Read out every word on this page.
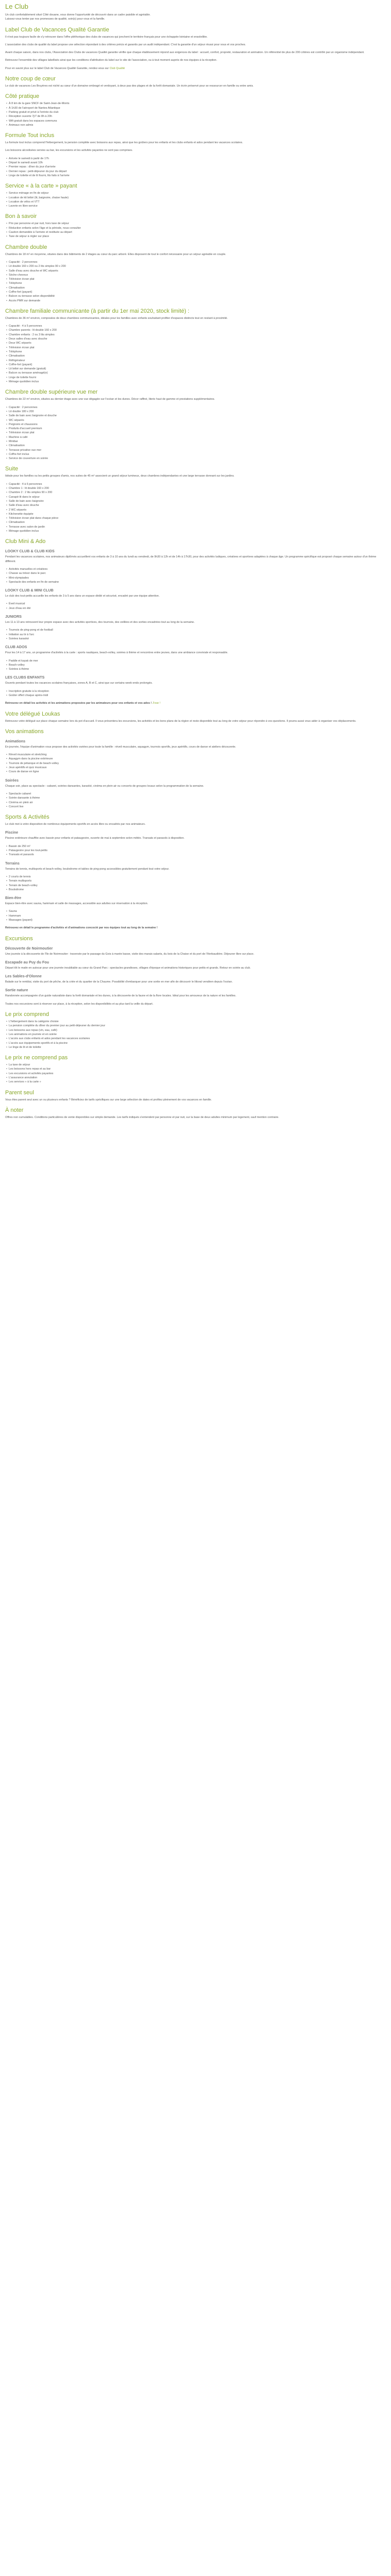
Le Club

Un club confortablement situé Côté douane, vous donne l'opportunité de découvrir dans un cadre paisible et agréable.
Laissez-vous tenter par nos promesses de qualité, soin(s) pour vous et la famille.

Label Club de Vacances Qualité Garantie

Il n'est pas toujours facile de s'y retrouver dans l'offre pléthorique des clubs de vacances qui jonchent le territoire français pour une échappée lointaine et ensoleillée.

L'association des clubs de qualité du label propose une sélection répondant à des critères précis et garantis par un audit indépendant. C'est la garantie d'un séjour réussi pour vous et vos proches.

Avant chaque saison, dans nos clubs, l'Association des Clubs de vacances Qualité garantie vérifie que chaque établissement répond aux exigences du label : accueil, confort, propreté, restauration et animation. Un référentiel de plus de 200 critères est contrôlé par un organisme indépendant.

Retrouvez l'ensemble des villages labellisés ainsi que les conditions d'attribution du label sur le site de l'association, ou à tout moment auprès de nos équipes à la réception.

Pour en savoir plus sur le label Club de Vacances Qualité Garantie, rendez-vous sur Club Qualité

Notre coup de cœur

Le club de vacances Les Bruyères est niché au cœur d'un domaine ombragé et verdoyant, à deux pas des plages et de la forêt domaniale. Un écrin préservé pour se ressourcer en famille ou entre amis.

Côté pratique
• À 8 km de la gare SNCF de Saint-Jean-de-Monts
• À 1h30 de l'aéroport de Nantes Atlantique
• Parking gratuit et privé à l'entrée du club
• Réception ouverte 7j/7 de 8h à 20h
• Wifi gratuit dans les espaces communs
• Animaux non admis
Formule Tout inclus

La formule tout inclus comprend l'hébergement, la pension complète avec boissons aux repas, ainsi que les goûters pour les enfants et les clubs enfants et ados pendant les vacances scolaires.

Les boissons alcoolisées servies au bar, les excursions et les activités payantes ne sont pas comprises.

• Arrivée le samedi à partir de 17h
• Départ le samedi avant 10h
• Premier repas : dîner du jour d'arrivée
• Dernier repas : petit-déjeuner du jour du départ
• Linge de toilette et de lit fourni, lits faits à l'arrivée
Service « à la carte » payant
• Service ménage en fin de séjour
• Location de kit bébé (lit, baignoire, chaise haute)
• Location de vélos et VTT
• Laverie en libre-service
Bon à savoir
• Prix par personne et par nuit, hors taxe de séjour
• Réduction enfants selon l'âge et la période, nous consulter
• Caution demandée à l'arrivée et restituée au départ
• Taxe de séjour à régler sur place
Chambre double

Chambres de 18 m² en moyenne, situées dans des bâtiments de 2 étages au cœur du parc arboré. Elles disposent de tout le confort nécessaire pour un séjour agréable en couple.

• Capacité : 2 personnes
• Lit double 160 x 200 ou 2 lits simples 90 x 200
• Salle d'eau avec douche et WC séparés
• Sèche-cheveux
• Télévision écran plat
• Téléphone
• Climatisation
• Coffre-fort (payant)
• Balcon ou terrasse selon disponibilité
• Accès PMR sur demande
Chambre familiale communicante (à partir du 1er mai 2020, stock limité) :

Chambres de 36 m² environ, composées de deux chambres communicantes, idéales pour les familles avec enfants souhaitant profiter d'espaces distincts tout en restant à proximité.

• Capacité : 4 à 5 personnes
• Chambre parents : lit double 160 x 200
• Chambre enfants : 2 ou 3 lits simples
• Deux salles d'eau avec douche
• Deux WC séparés
• Télévision écran plat
• Téléphone
• Climatisation
• Réfrigérateur
• Coffre-fort (payant)
• Lit bébé sur demande (gratuit)
• Balcon ou terrasse aménagé(e)
• Linge de toilette fourni
• Ménage quotidien inclus
Chambre double supérieure vue mer

Chambres de 22 m² environ, situées au dernier étage avec une vue dégagée sur l'océan et les dunes. Décor raffiné, literie haut de gamme et prestations supplémentaires.

• Capacité : 2 personnes
• Lit double 180 x 200
• Salle de bain avec baignoire et douche
• WC séparés
• Peignoirs et chaussons
• Produits d'accueil premium
• Télévision écran plat
• Machine à café
• Minibar
• Climatisation
• Terrasse privative vue mer
• Coffre-fort inclus
• Service de couverture en soirée
Suite

Idéale pour les familles ou les petits groupes d'amis, nos suites de 45 m² associent un grand séjour lumineux, deux chambres indépendantes et une large terrasse donnant sur les jardins.

• Capacité : 4 à 6 personnes
• Chambre 1 : lit double 160 x 200
• Chambre 2 : 2 lits simples 90 x 200
• Canapé-lit dans le séjour
• Salle de bain avec baignoire
• Salle d'eau avec douche
• 2 WC séparés
• Kitchenette équipée
• Télévision écran plat dans chaque pièce
• Climatisation
• Terrasse avec salon de jardin
• Ménage quotidien inclus
Club Mini & Ado
LOOKY CLUB & CLUB KIDS

Pendant les vacances scolaires, nos animateurs diplômés accueillent vos enfants de 3 à 10 ans du lundi au vendredi, de 9h30 à 12h et de 14h à 17h30, pour des activités ludiques, créatives et sportives adaptées à chaque âge. Un programme spécifique est proposé chaque semaine autour d'un thème différent.

• Activités manuelles et créatives
• Chasse au trésor dans le parc
• Mini-olympiades
• Spectacle des enfants en fin de semaine
LOOKY CLUB & MINI CLUB

Le club des tout-petits accueille les enfants de 3 à 5 ans dans un espace dédié et sécurisé, encadré par une équipe attentive.

• Éveil musical
• Jeux d'eau en été
JUNIORS

Les 11 à 13 ans retrouvent leur propre espace avec des activités sportives, des tournois, des veillées et des sorties encadrées tout au long de la semaine.

• Tournois de ping-pong et de football
• Initiation au tir à l'arc
• Soirées karaoké
CLUB ADOS

Pour les 14 à 17 ans, un programme d'activités à la carte : sports nautiques, beach-volley, soirées à thème et rencontres entre jeunes, dans une ambiance conviviale et responsable.

• Paddle et kayak de mer
• Beach-volley
• Soirées à thème
LES CLUBS ENFANTS

Ouverts pendant toutes les vacances scolaires françaises, zones A, B et C, ainsi que sur certains week-ends prolongés.

• Inscription gratuite à la réception
• Goûter offert chaque après-midi

Retrouvez en détail les activités et les animations proposées par les animateurs pour vos enfants et vos ados ! J'ose !

Votre délégué Loukas

Retrouvez votre délégué sur place chaque semaine lors du pot d'accueil. Il vous présentera les excursions, les activités et les bons plans de la région et reste disponible tout au long de votre séjour pour répondre à vos questions. Il pourra aussi vous aider à organiser vos déplacements.

Vos animations
Animations

En journée, l'équipe d'animation vous propose des activités variées pour toute la famille : réveil musculaire, aquagym, tournois sportifs, jeux apéritifs, cours de danse et ateliers découverte.

• Réveil musculaire et stretching
• Aquagym dans la piscine extérieure
• Tournois de pétanque et de beach-volley
• Jeux apéritifs et quiz musicaux
• Cours de danse en ligne
Soirées

Chaque soir, place au spectacle : cabaret, soirées dansantes, karaoké, cinéma en plein air ou concerts de groupes locaux selon la programmation de la semaine.

• Spectacle cabaret
• Soirée dansante à thème
• Cinéma en plein air
• Concert live
Sports & Activités

Le club met à votre disposition de nombreux équipements sportifs en accès libre ou encadrés par nos animateurs.

Piscine

Piscine extérieure chauffée avec bassin pour enfants et pataugeoire, ouverte de mai à septembre selon météo. Transats et parasols à disposition.

• Bassin de 250 m²
• Pataugeoire pour les tout-petits
• Transats et parasols
Terrains

Terrains de tennis, multisports et beach-volley, boulodrome et tables de ping-pong accessibles gratuitement pendant tout votre séjour.

• 2 courts de tennis
• Terrain multisports
• Terrain de beach-volley
• Boulodrome
Bien-être

Espace bien-être avec sauna, hammam et salle de massages, accessible aux adultes sur réservation à la réception.

• Sauna
• Hammam
• Massages (payant)

Retrouvez en détail le programme d'activités et d'animations concocté par nos équipes tout au long de la semaine !

Excursions
Découverte de Noirmoutier

Une journée à la découverte de l'île de Noirmoutier : traversée par le passage du Gois à marée basse, visite des marais salants, du bois de la Chaise et du port de l'Herbaudière. Déjeuner libre sur place.

Escapade au Puy du Fou

Départ tôt le matin en autocar pour une journée inoubliable au cœur du Grand Parc : spectacles grandioses, villages d'époque et animations historiques pour petits et grands. Retour en soirée au club.

Les Sables-d'Olonne

Balade sur le remblai, visite du port de pêche, de la criée et du quartier de la Chaume. Possibilité d'embarquer pour une sortie en mer afin de découvrir le littoral vendéen depuis l'océan.

Sortie nature

Randonnée accompagnée d'un guide naturaliste dans la forêt domaniale et les dunes, à la découverte de la faune et de la flore locales. Idéal pour les amoureux de la nature et les familles.

Toutes nos excursions sont à réserver sur place, à la réception, selon les disponibilités et au plus tard la veille du départ.

Le prix comprend
• L'hébergement dans la catégorie choisie
• La pension complète du dîner du premier jour au petit-déjeuner du dernier jour
• Les boissons aux repas (vin, eau, café)
• Les animations en journée et en soirée
• L'accès aux clubs enfants et ados pendant les vacances scolaires
• L'accès aux équipements sportifs et à la piscine
• Le linge de lit et de toilette
Le prix ne comprend pas
• La taxe de séjour
• Les boissons hors repas et au bar
• Les excursions et activités payantes
• L'assurance annulation
• Les services « à la carte »
Parent seul

Vous êtes parent seul avec un ou plusieurs enfants ? Bénéficiez de tarifs spécifiques sur une large sélection de dates et profitez pleinement de vos vacances en famille.

À noter

Offres non cumulables. Conditions particulières de vente disponibles sur simple demande. Les tarifs indiqués s'entendent par personne et par nuit, sur la base de deux adultes minimum par logement, sauf mention contraire.
